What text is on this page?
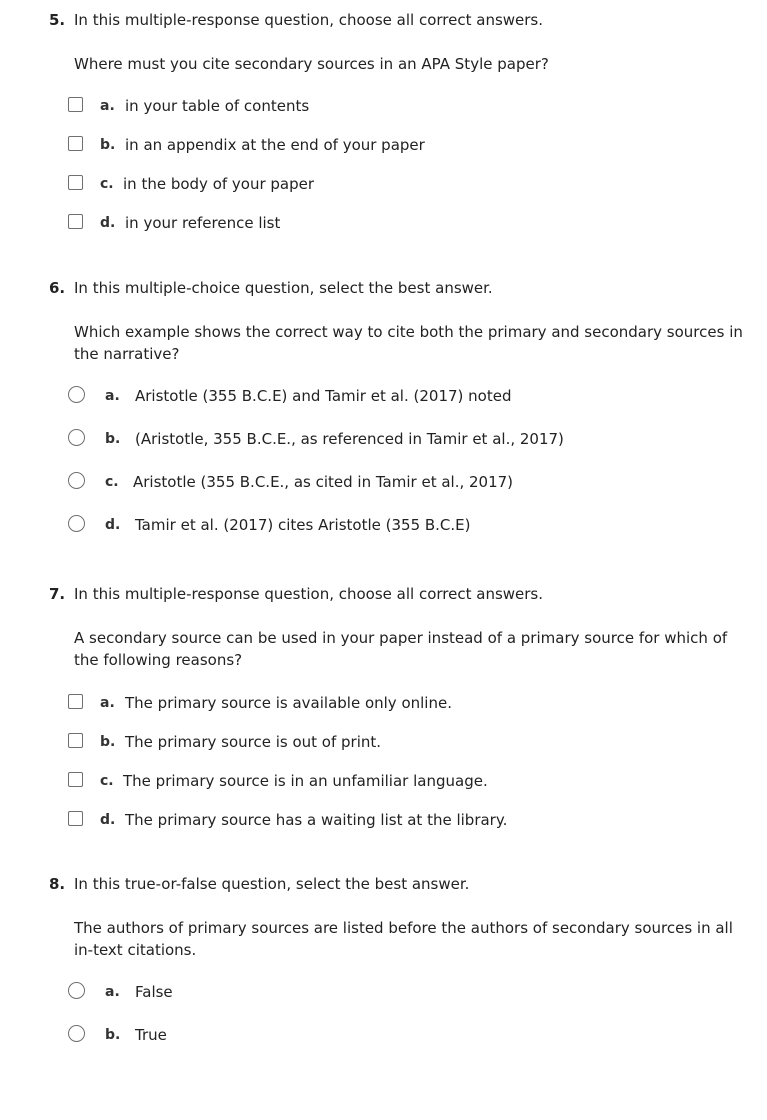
5. In this multiple-response question, choose all correct answers.
Where must you cite secondary sources in an APA Style paper?
a. in your table of contents
b. in an appendix at the end of your paper
c. in the body of your paper
d. in your reference list
6. In this multiple-choice question, select the best answer.
Which example shows the correct way to cite both the primary and secondary sources in the narrative?
a. Aristotle (355 B.C.E) and Tamir et al. (2017) noted
b. (Aristotle, 355 B.C.E., as referenced in Tamir et al., 2017)
c. Aristotle (355 B.C.E., as cited in Tamir et al., 2017)
d. Tamir et al. (2017) cites Aristotle (355 B.C.E)
7. In this multiple-response question, choose all correct answers.
A secondary source can be used in your paper instead of a primary source for which of the following reasons?
a. The primary source is available only online.
b. The primary source is out of print.
c. The primary source is in an unfamiliar language.
d. The primary source has a waiting list at the library.
8. In this true-or-false question, select the best answer.
The authors of primary sources are listed before the authors of secondary sources in all in-text citations.
a. False
b. True
